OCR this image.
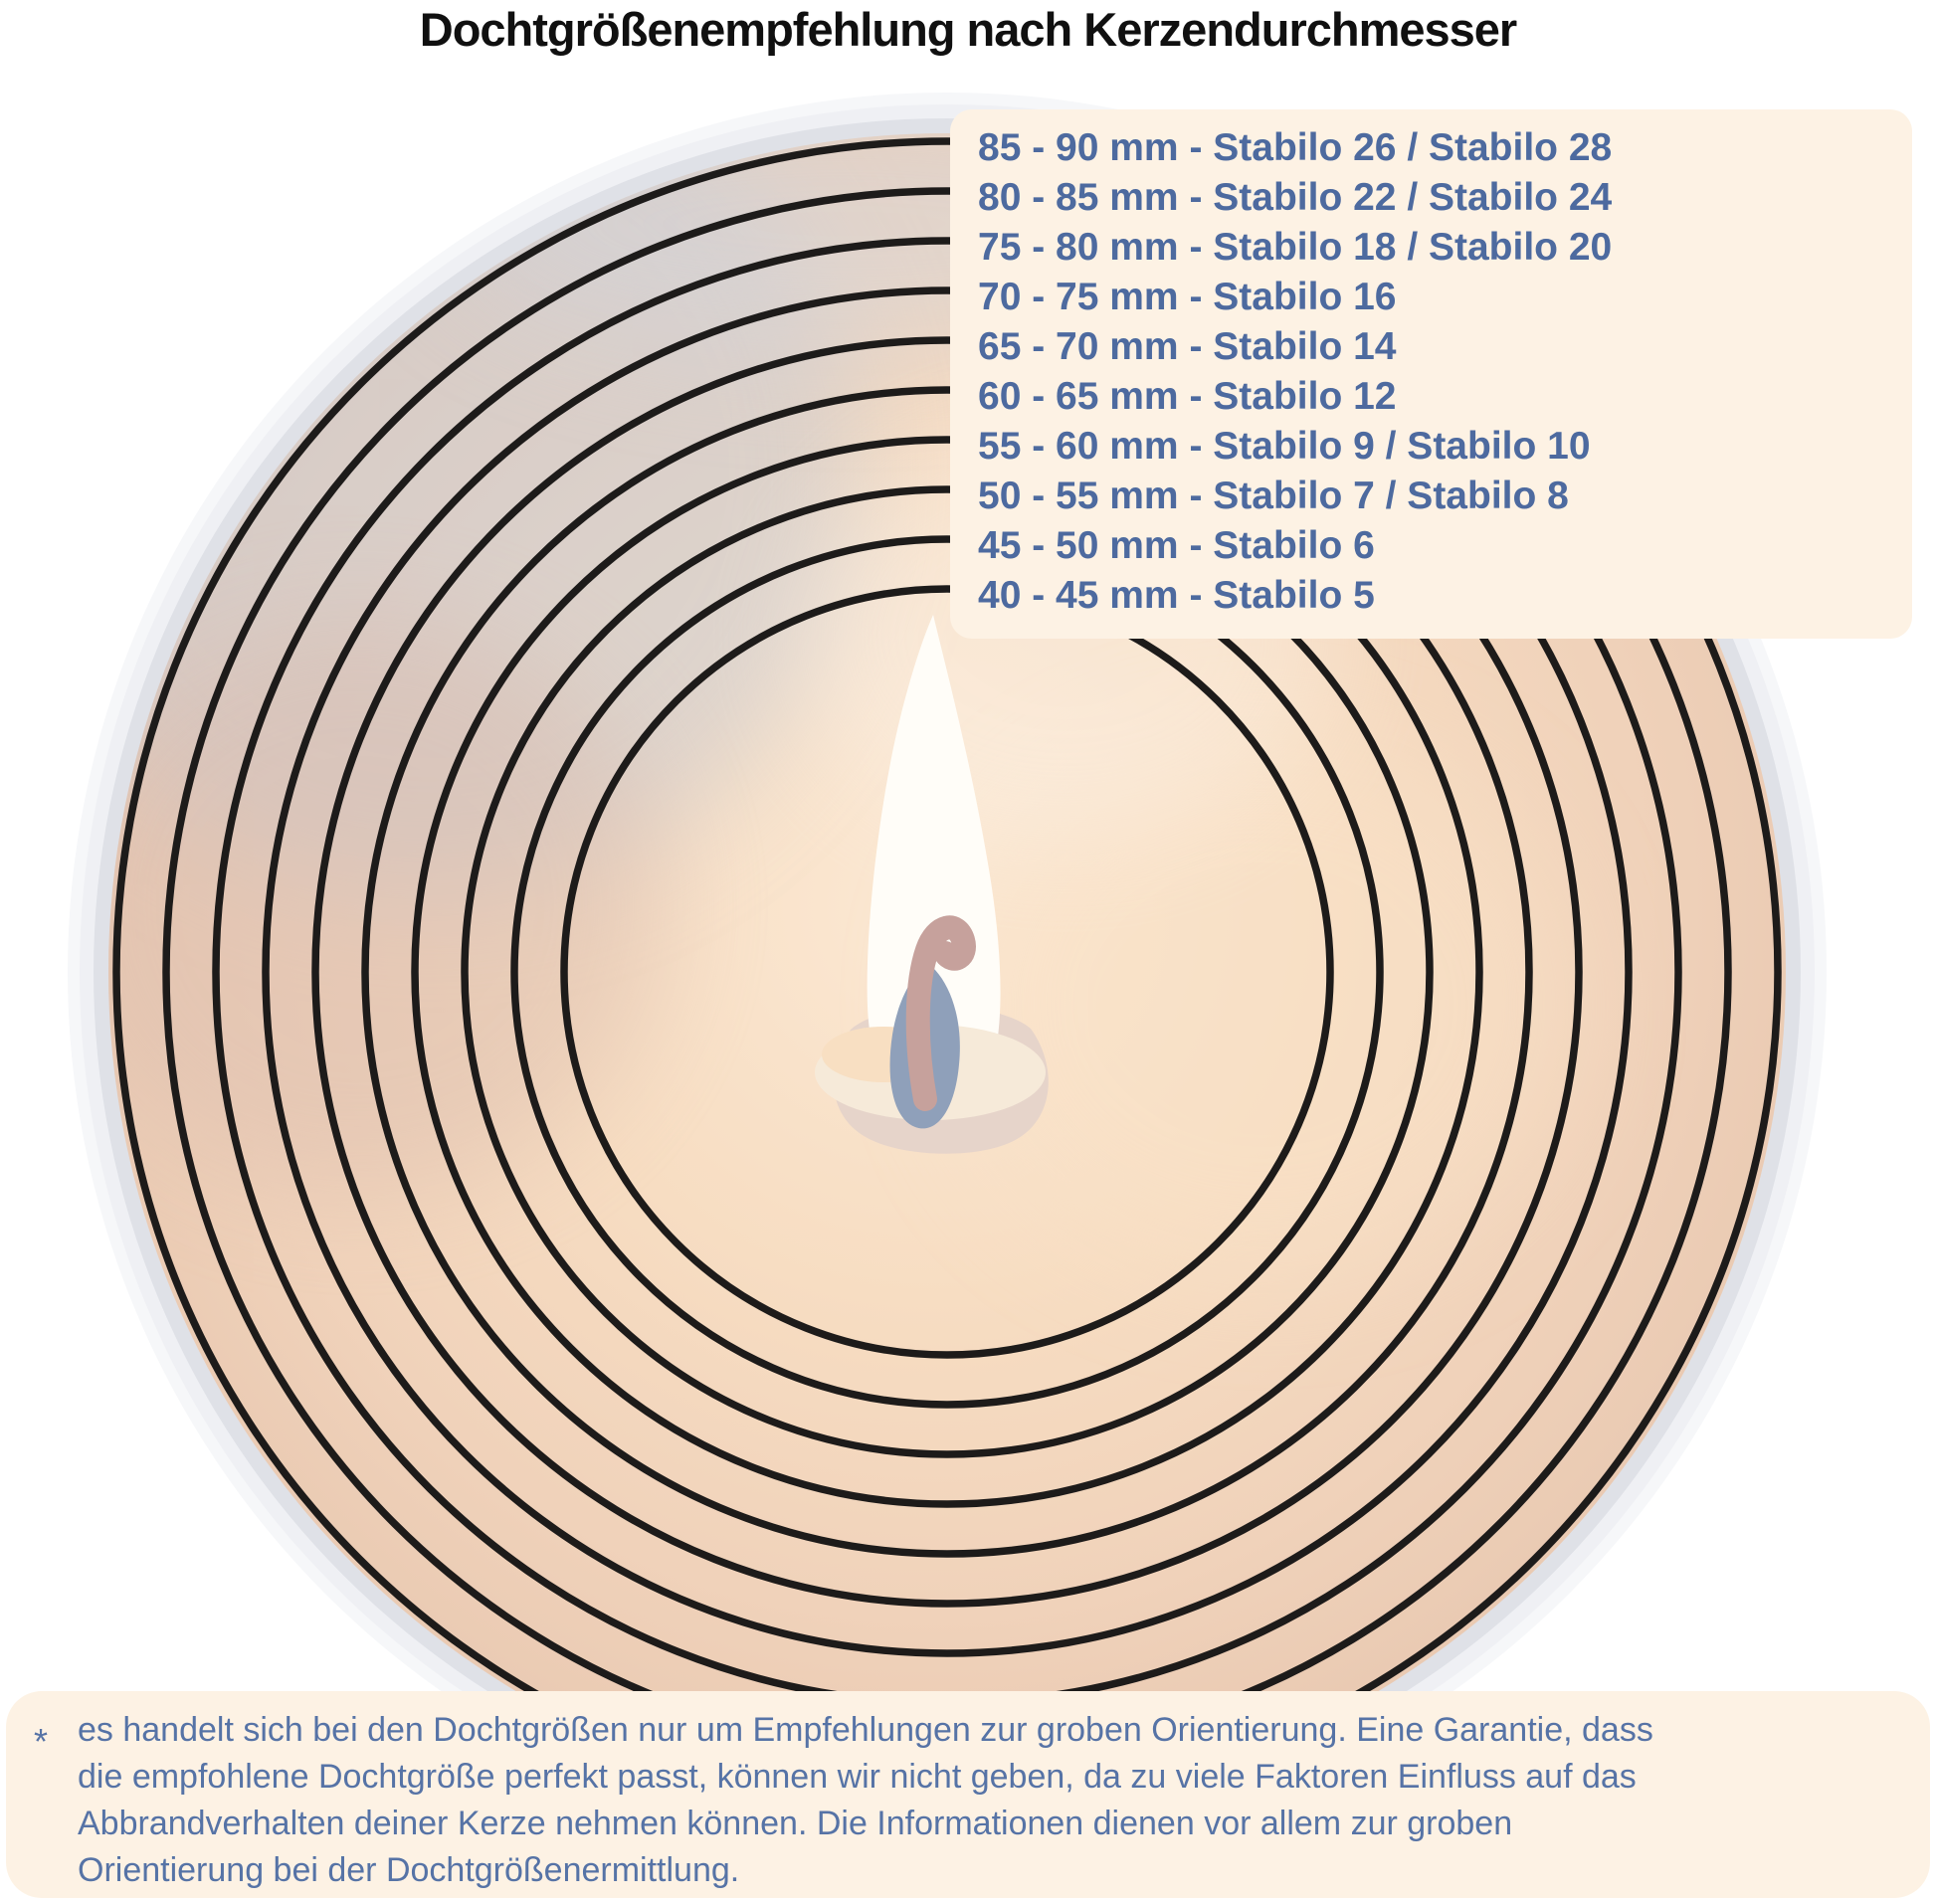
Dochtgrößenempfehlung nach Kerzendurchmesser
85 - 90 mm - Stabilo 26 / Stabilo 28
80 - 85 mm - Stabilo 22 / Stabilo 24
75 - 80 mm - Stabilo 18 / Stabilo 20
70 - 75 mm - Stabilo 16
65 - 70 mm - Stabilo 14
60 - 65 mm - Stabilo 12
55 - 60 mm - Stabilo 9 / Stabilo 10
50 - 55 mm - Stabilo 7 / Stabilo 8
45 - 50 mm - Stabilo 6
40 - 45 mm - Stabilo 5
* es handelt sich bei den Dochtgrößen nur um Empfehlungen zur groben Orientierung. Eine Garantie, dass
die empfohlene Dochtgröße perfekt passt, können wir nicht geben, da zu viele Faktoren Einfluss auf das
Abbrandverhalten deiner Kerze nehmen können. Die Informationen dienen vor allem zur groben
Orientierung bei der Dochtgrößenermittlung.
